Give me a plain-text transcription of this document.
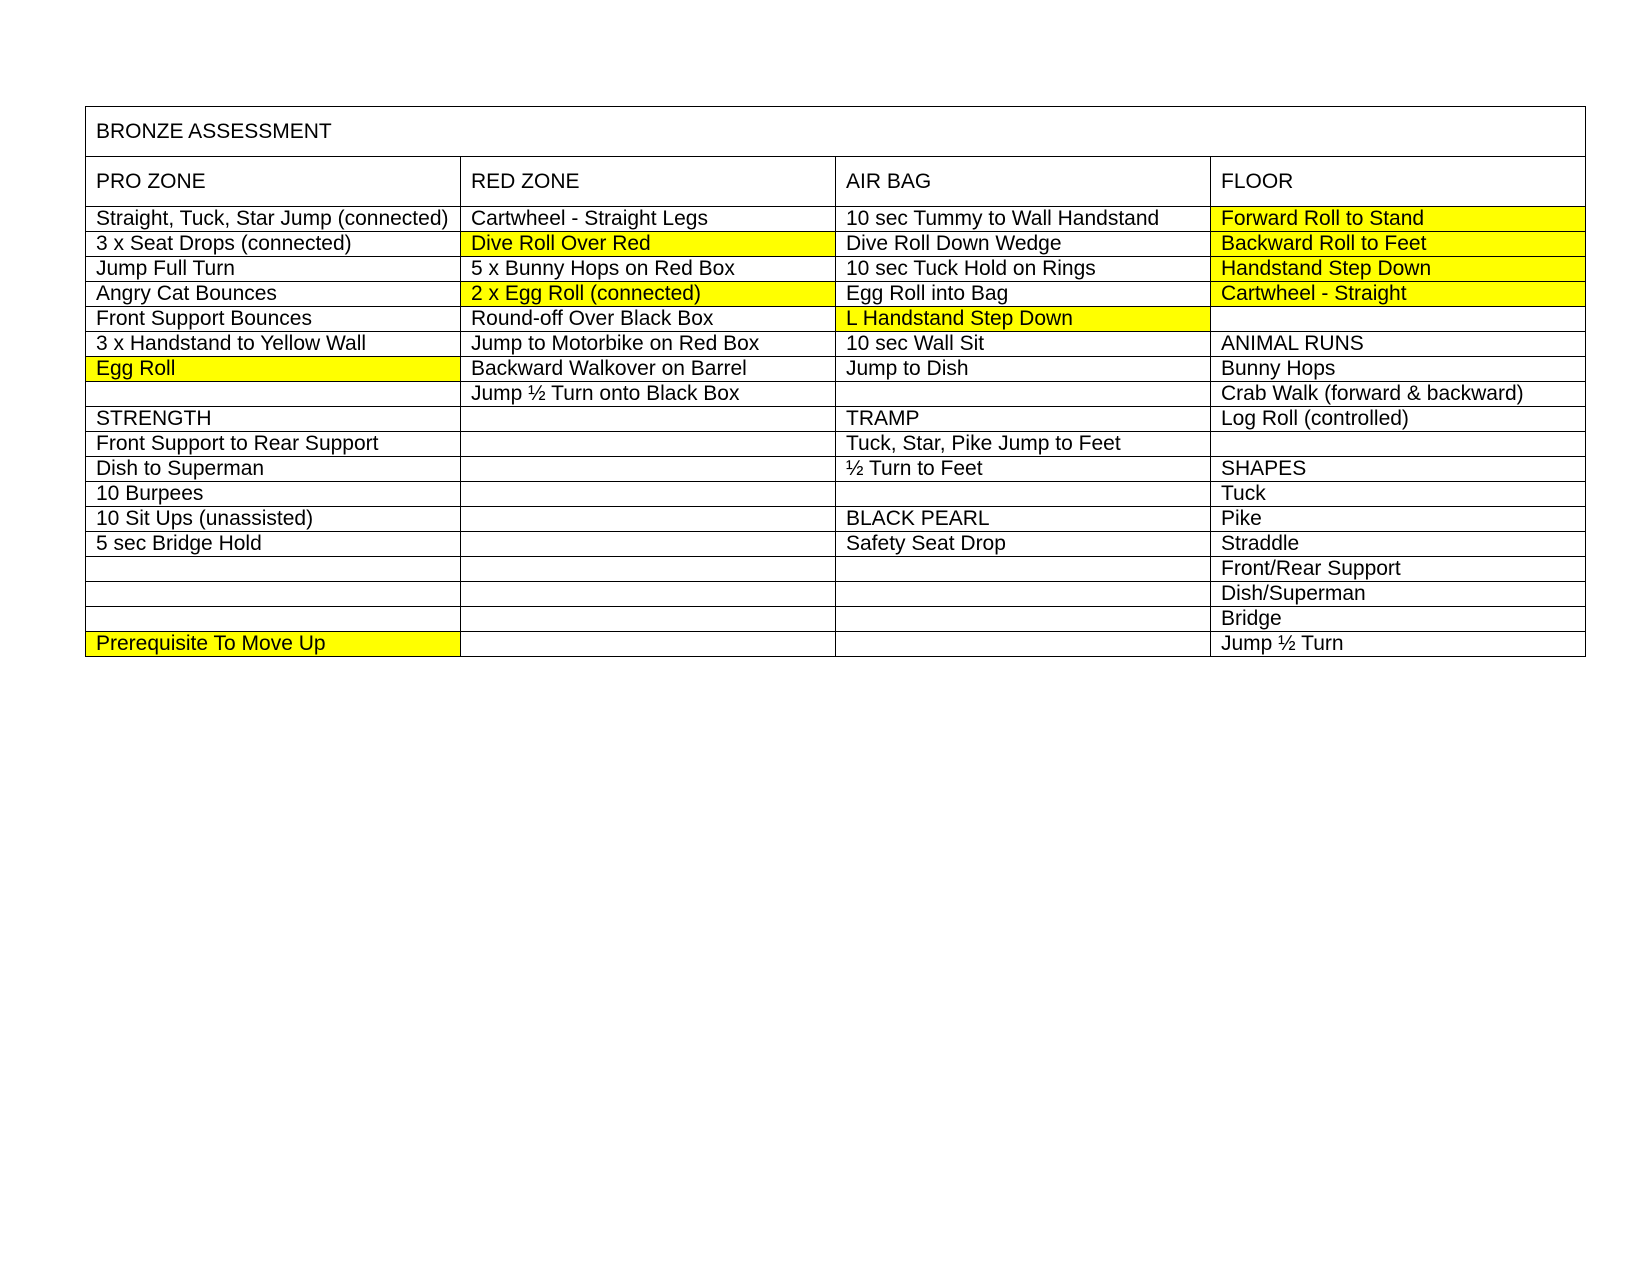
BRONZE ASSESSMENT
PRO ZONE	RED ZONE	AIR BAG	FLOOR
Straight, Tuck, Star Jump (connected)	Cartwheel - Straight Legs	10 sec Tummy to Wall Handstand	Forward Roll to Stand
3 x Seat Drops (connected)	Dive Roll Over Red	Dive Roll Down Wedge	Backward Roll to Feet
Jump Full Turn	5 x Bunny Hops on Red Box	10 sec Tuck Hold on Rings	Handstand Step Down
Angry Cat Bounces	2 x Egg Roll (connected)	Egg Roll into Bag	Cartwheel - Straight
Front Support Bounces	Round-off Over Black Box	L Handstand Step Down	
3 x Handstand to Yellow Wall	Jump to Motorbike on Red Box	10 sec Wall Sit	ANIMAL RUNS
Egg Roll	Backward Walkover on Barrel	Jump to Dish	Bunny Hops
	Jump ½ Turn onto Black Box		Crab Walk (forward & backward)
STRENGTH		TRAMP	Log Roll (controlled)
Front Support to Rear Support		Tuck, Star, Pike Jump to Feet	
Dish to Superman		½ Turn to Feet	SHAPES
10 Burpees			Tuck
10 Sit Ups (unassisted)		BLACK PEARL	Pike
5 sec Bridge Hold		Safety Seat Drop	Straddle
			Front/Rear Support
			Dish/Superman
			Bridge
Prerequisite To Move Up			Jump ½ Turn
